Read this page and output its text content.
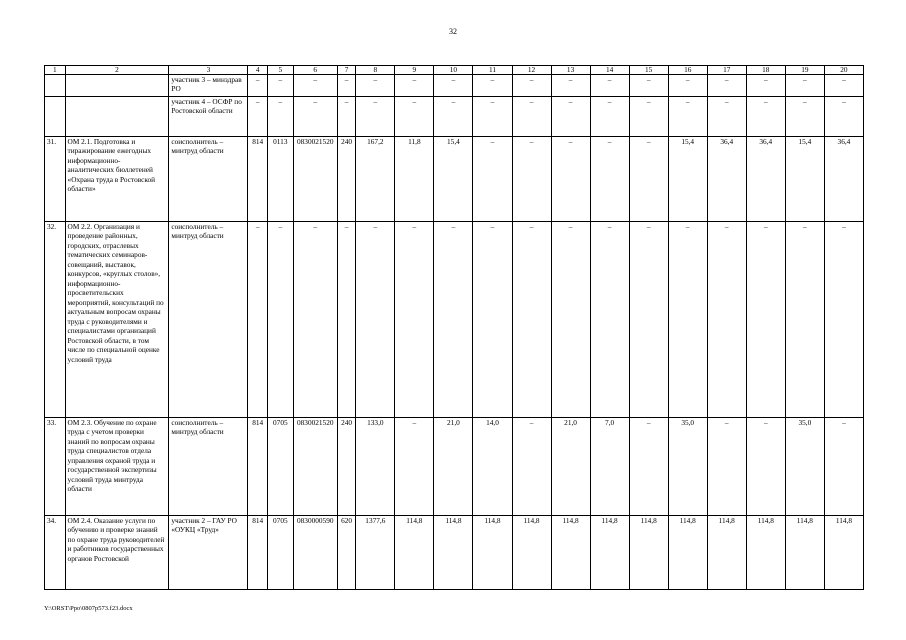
32
1	2	3	4	5	6	7	8	9	10	11	12	13	14	15	16	17	18	19	20
		участник 3 – минздрав РО	–	–	–	–	–	–	–	–	–	–	–	–	–	–	–	–	–
		участник 4 – ОСФР по Ростовской области	–	–	–	–	–	–	–	–	–	–	–	–	–	–	–	–	–
31.	ОМ 2.1. Подготовка и тиражирование ежегодных информационно-аналитических бюллетеней «Охрана труда в Ростовской области»	соисполнитель – минтруд области	814	0113	0830021520	240	167,2	11,8	15,4	–	–	–	–	–	15,4	36,4	36,4	15,4	36,4
32.	ОМ 2.2. Организация и проведение районных, городских, отраслевых тематических семинаров-совещаний, выставок, конкурсов, «круглых столов», информационно-просветительских мероприятий, консультаций по актуальным вопросам охраны труда с руководителями и специалистами организаций Ростовской области, в том числе по специальной оценке условий труда	соисполнитель – минтруд области	–	–	–	–	–	–	–	–	–	–	–	–	–	–	–	–	–
33.	ОМ 2.3. Обучение по охране труда с учетом проверки знаний по вопросам охраны труда специалистов отдела управления охраной труда и государственной экспертизы условий труда минтруда области	соисполнитель – минтруд области	814	0705	0830021520	240	133,0	–	21,0	14,0	–	21,0	7,0	–	35,0	–	–	35,0	–
34.	ОМ 2.4. Оказание услуги по обучению и проверке знаний по охране труда руководителей и работников государственных органов Ростовской	участник 2 – ГАУ РО «ОУКЦ «Труд»	814	0705	0830000590	620	1377,6	114,8	114,8	114,8	114,8	114,8	114,8	114,8	114,8	114,8	114,8	114,8	114,8
Y:\ORST\Ppo\0807p573.f23.docx
